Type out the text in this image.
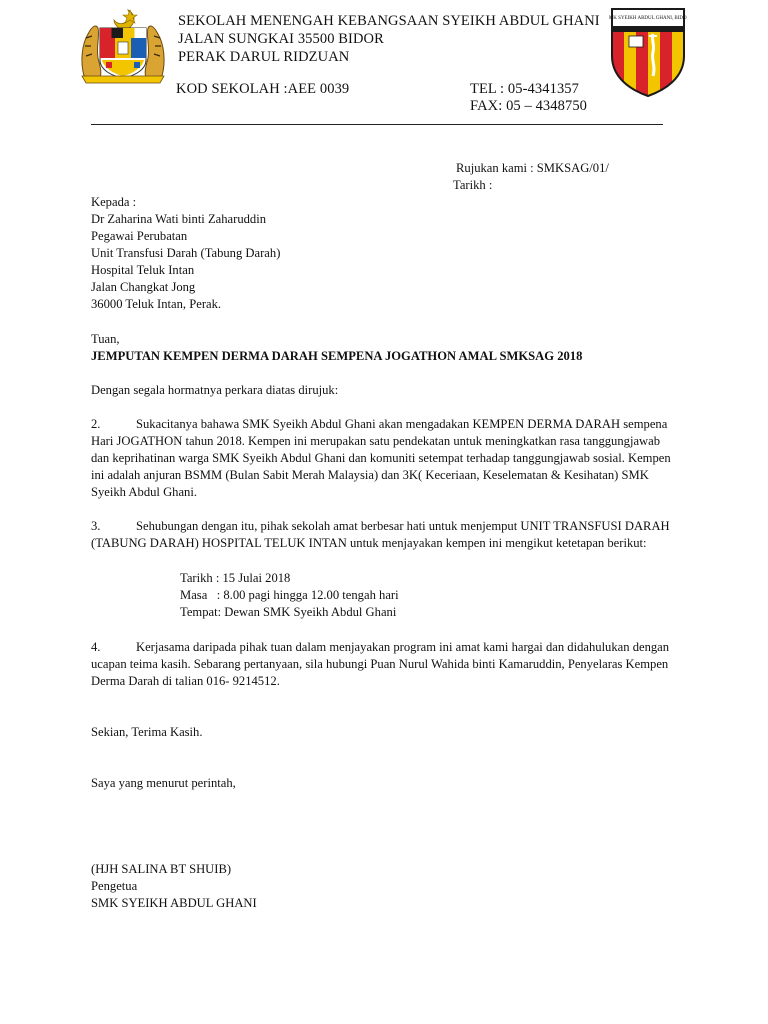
SMK SYEIKH ABDUL GHANI, BIDOR
SEKOLAH MENENGAH KEBANGSAAN SYEIKH ABDUL GHANI
JALAN SUNGKAI 35500 BIDOR
PERAK DARUL RIDZUAN
KOD SEKOLAH :AEE 0039	TEL : 05-4341357
FAX: 05 – 4348750
Rujukan kami : SMKSAG/01/
Tarikh :
Kepada :
Dr Zaharina Wati binti Zaharuddin
Pegawai Perubatan
Unit Transfusi Darah (Tabung Darah)
Hospital Teluk Intan
Jalan Changkat Jong
36000 Teluk Intan, Perak.
Tuan,
JEMPUTAN KEMPEN DERMA DARAH SEMPENA JOGATHON AMAL SMKSAG 2018
Dengan segala hormatnya perkara diatas dirujuk:
2.	Sukacitanya bahawa SMK Syeikh Abdul Ghani akan mengadakan KEMPEN DERMA DARAH sempena
Hari JOGATHON tahun 2018. Kempen ini merupakan satu pendekatan untuk meningkatkan rasa tanggungjawab
dan keprihatinan warga SMK Syeikh Abdul Ghani dan komuniti setempat terhadap tanggungjawab sosial. Kempen
ini adalah anjuran BSMM (Bulan Sabit Merah Malaysia) dan 3K( Keceriaan, Keselematan & Kesihatan) SMK
Syeikh Abdul Ghani.
3.	Sehubungan dengan itu, pihak sekolah amat berbesar hati untuk menjemput UNIT TRANSFUSI DARAH
(TABUNG DARAH) HOSPITAL TELUK INTAN untuk menjayakan kempen ini mengikut ketetapan berikut:
Tarikh : 15 Julai 2018
Masa   : 8.00 pagi hingga 12.00 tengah hari
Tempat: Dewan SMK Syeikh Abdul Ghani
4.	Kerjasama daripada pihak tuan dalam menjayakan program ini amat kami hargai dan didahulukan dengan
ucapan teima kasih. Sebarang pertanyaan, sila hubungi Puan Nurul Wahida binti Kamaruddin, Penyelaras Kempen
Derma Darah di talian 016- 9214512.
Sekian, Terima Kasih.
Saya yang menurut perintah,
(HJH SALINA BT SHUIB)
Pengetua
SMK SYEIKH ABDUL GHANI
